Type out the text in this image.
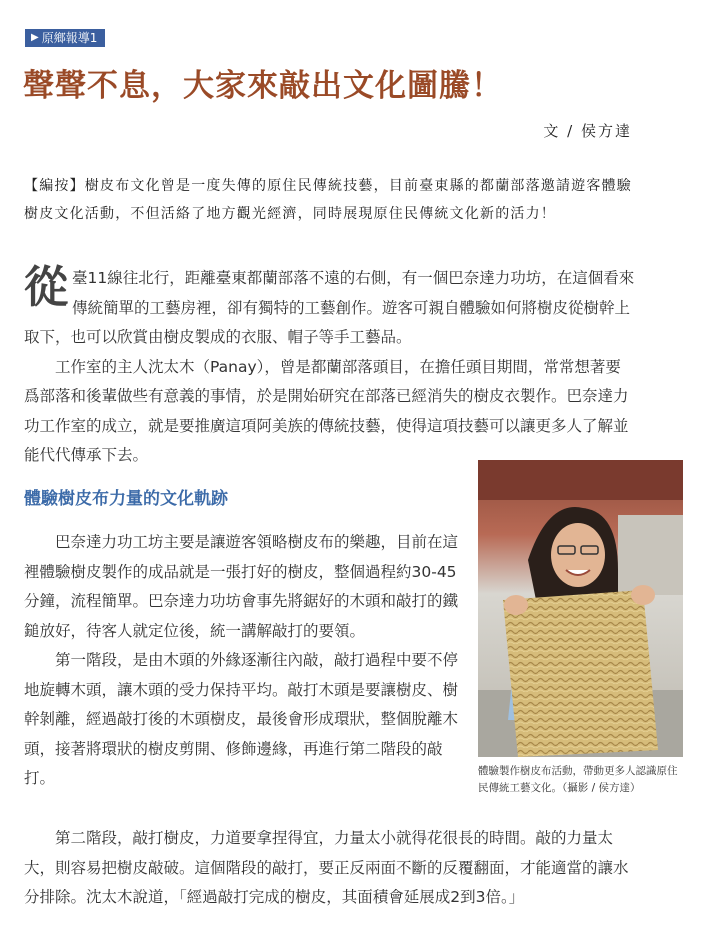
▶ 原鄉報導1
聲聲不息，大家來敲出文化圖騰！
文 / 侯方達

【編按】樹皮布文化曾是一度失傳的原住民傳統技藝，目前臺東縣的都蘭部落邀請遊客體驗樹皮文化活動，不但活絡了地方觀光經濟，同時展現原住民傳統文化新的活力！

從臺11線往北行，距離臺東都蘭部落不遠的右側，有一個巴奈達力功坊，在這個看來傳統簡單的工藝房裡，卻有獨特的工藝創作。遊客可親自體驗如何將樹皮從樹幹上取下，也可以欣賞由樹皮製成的衣服、帽子等手工藝品。

工作室的主人沈太木（Panay），曾是都蘭部落頭目，在擔任頭目期間，常常想著要爲部落和後輩做些有意義的事情，於是開始研究在部落已經消失的樹皮衣製作。巴奈達力功工作室的成立，就是要推廣這項阿美族的傳統技藝，使得這項技藝可以讓更多人了解並能代代傳承下去。

體驗樹皮布力量的文化軌跡

巴奈達力功工坊主要是讓遊客領略樹皮布的樂趣，目前在這裡體驗樹皮製作的成品就是一張打好的樹皮，整個過程約30-45分鐘，流程簡單。巴奈達力功坊會事先將鋸好的木頭和敲打的鐵鎚放好，待客人就定位後，統一講解敲打的要領。

第一階段，是由木頭的外緣逐漸往內敲，敲打過程中要不停地旋轉木頭，讓木頭的受力保持平均。敲打木頭是要讓樹皮、樹幹剝離，經過敲打後的木頭樹皮，最後會形成環狀，整個脫離木頭，接著將環狀的樹皮剪開、修飾邊緣，再進行第二階段的敲打。	體驗製作樹皮布活動，帶動更多人認識原住民傳統工藝文化。（攝影 / 侯方達）

第二階段，敲打樹皮，力道要拿捏得宜，力量太小就得花很長的時間。敲的力量太大，則容易把樹皮敲破。這個階段的敲打，要正反兩面不斷的反覆翻面，才能適當的讓水分排除。沈太木說道，「經過敲打完成的樹皮，其面積會延展成2到3倍。」
